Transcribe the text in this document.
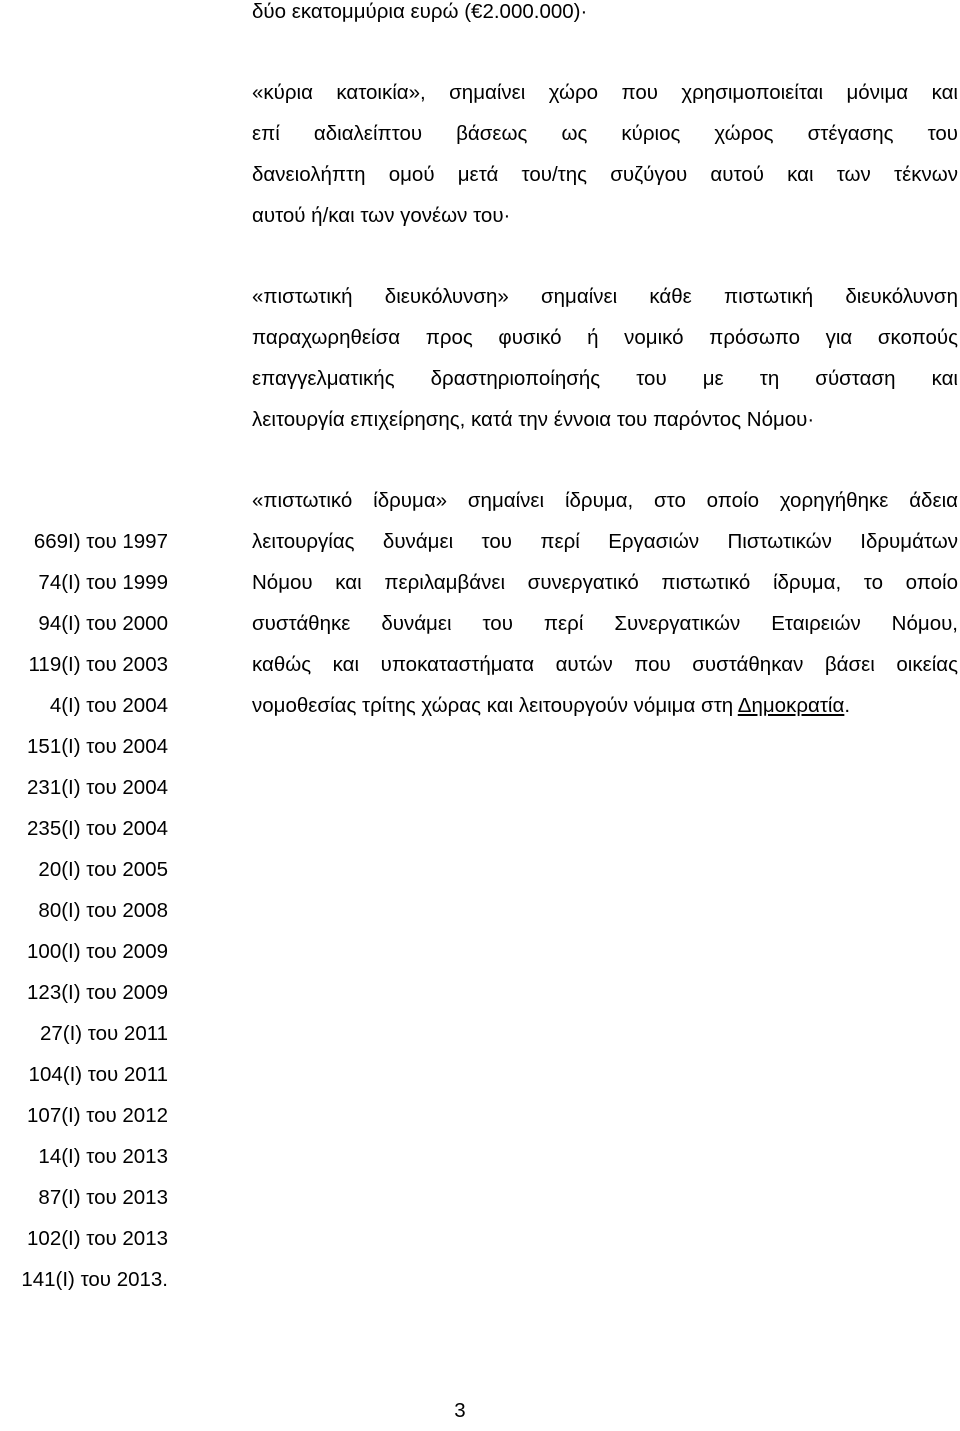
δύο εκατομμύρια ευρώ (€2.000.000)·
«κύρια κατοικία», σημαίνει χώρο που χρησιμοποιείται μόνιμα και
επί αδιαλείπτου βάσεως ως κύριος χώρος στέγασης του
δανειολήπτη ομού μετά του/της συζύγου αυτού και των τέκνων
αυτού ή/και των γονέων του·
«πιστωτική διευκόλυνση» σημαίνει κάθε πιστωτική διευκόλυνση
παραχωρηθείσα προς φυσικό ή νομικό πρόσωπο για σκοπούς
επαγγελματικής δραστηριοποίησής του με τη σύσταση και
λειτουργία επιχείρησης, κατά την έννοια του παρόντος Νόμου·
«πιστωτικό ίδρυμα» σημαίνει ίδρυμα, στο οποίο χορηγήθηκε άδεια
λειτουργίας δυνάμει του περί Εργασιών Πιστωτικών Ιδρυμάτων
Νόμου και περιλαμβάνει συνεργατικό πιστωτικό ίδρυμα, το οποίο
συστάθηκε δυνάμει του περί Συνεργατικών Εταιρειών Νόμου,
καθώς και υποκαταστήματα αυτών που συστάθηκαν βάσει οικείας
νομοθεσίας τρίτης χώρας και λειτουργούν νόμιμα στη Δημοκρατία.
669Ι) του 1997
74(Ι) του 1999
94(Ι) του 2000
119(Ι) του 2003
4(Ι) του 2004
151(Ι) του 2004
231(Ι) του 2004
235(Ι) του 2004
20(Ι) του 2005
80(Ι) του 2008
100(Ι) του 2009
123(Ι) του 2009
27(Ι) του 2011
104(Ι) του 2011
107(Ι) του 2012
14(Ι) του 2013
87(Ι) του 2013
102(Ι) του 2013
141(Ι) του 2013.
3
